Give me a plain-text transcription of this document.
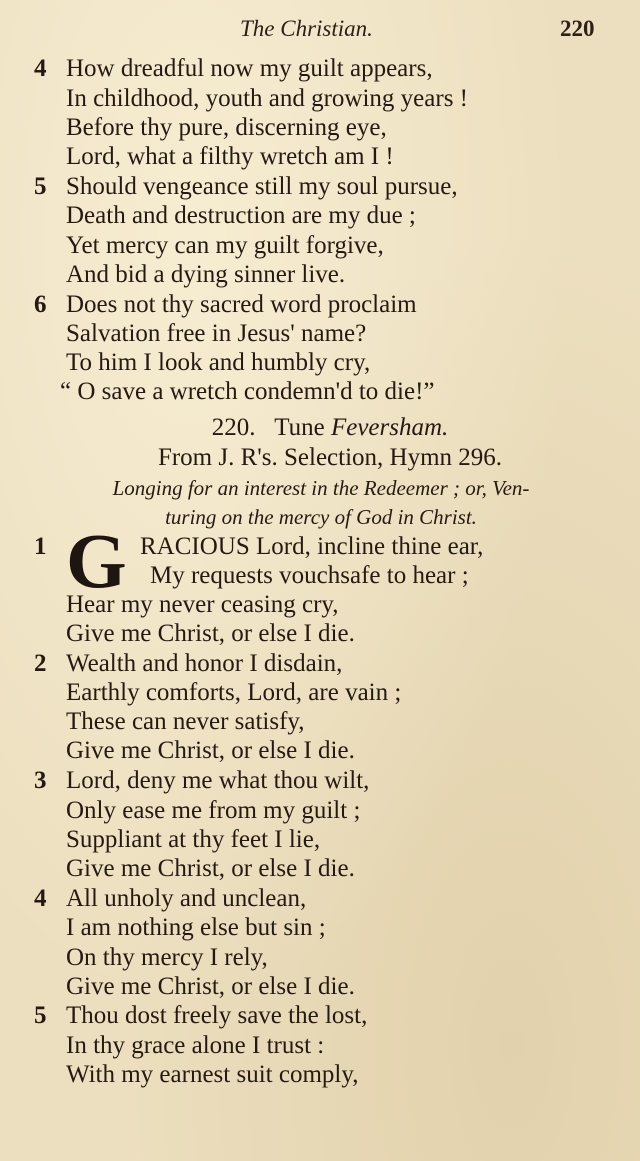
The Christian.	220
4 How dreadful now my guilt appears,
In childhood, youth and growing years !
Before thy pure, discerning eye,
Lord, what a filthy wretch am I !
5 Should vengeance still my soul pursue,
Death and destruction are my due ;
Yet mercy can my guilt forgive,
And bid a dying sinner live.
6 Does not thy sacred word proclaim
Salvation free in Jesus' name?
To him I look and humbly cry,
“ O save a wretch condemn'd to die!”
220. Tune Feversham.
From J. R's. Selection, Hymn 296.
Longing for an interest in the Redeemer ; or, Ven-
turing on the mercy of God in Christ.
1 G RACIOUS Lord, incline thine ear,
My requests vouchsafe to hear ;
Hear my never ceasing cry,
Give me Christ, or else I die.
2 Wealth and honor I disdain,
Earthly comforts, Lord, are vain ;
These can never satisfy,
Give me Christ, or else I die.
3 Lord, deny me what thou wilt,
Only ease me from my guilt ;
Suppliant at thy feet I lie,
Give me Christ, or else I die.
4 All unholy and unclean,
I am nothing else but sin ;
On thy mercy I rely,
Give me Christ, or else I die.
5 Thou dost freely save the lost,
In thy grace alone I trust :
With my earnest suit comply,
